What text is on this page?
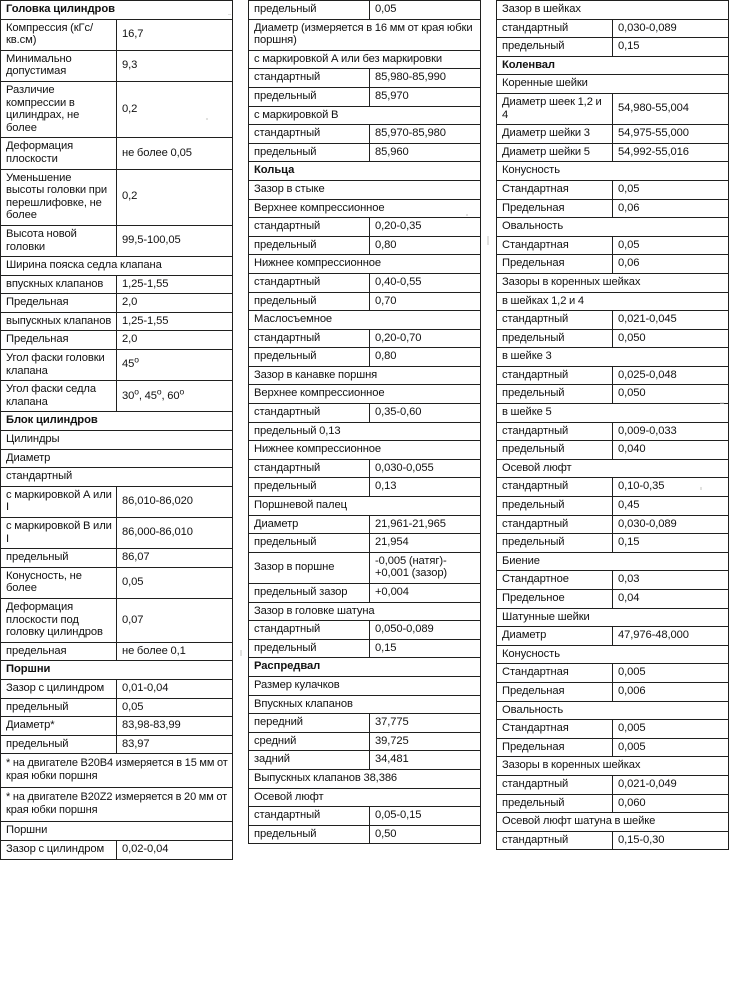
Головка цилиндров	
Компрессия (кГс/кв.см)	16,7
Минимально допустимая	9,3
Различие компрессии в цилиндрах, не более	0,2
Деформация плоскости	не более 0,05
Уменьшение высоты головки при перешлифовке, не более	0,2
Высота новой головки	99,5-100,05
Ширина пояска седла клапана	
впускных клапанов	1,25-1,55
Предельная	2,0
выпускных клапанов	1,25-1,55
Предельная	2,0
Угол фаски головки клапана	45$^o$
Угол фаски седла клапана	30$^o$, 45$^o$, 60$^o$
Блок цилиндров	
Цилиндры	
Диаметр	
стандартный	
с маркировкой А или I	86,010-86,020
с маркировкой В или I	86,000-86,010
предельный	86,07
Конусность, не более	0,05
Деформация плоскости под головку цилиндров	0,07
предельная	не более 0,1
Поршни	
Зазор с цилиндром	0,01-0,04
предельный	0,05
Диаметр*	83,98-83,99
предельный	83,97
* на двигателе B20B4 измеряется в 15 мм от края юбки поршня	
* на двигателе B20Z2 измеряется в 20 мм от края юбки поршня	
Поршни	
Зазор с цилиндром	0,02-0,04
предельный	0,05
Диаметр (измеряется в 16 мм от края юбки поршня)	
с маркировкой А или без маркировки	
стандартный	85,980-85,990
предельный	85,970
с маркировкой В	
стандартный	85,970-85,980
предельный	85,960
Кольца	
Зазор в стыке	
Верхнее компрессионное	
стандартный	0,20-0,35
предельный	0,80
Нижнее компрессионное	
стандартный	0,40-0,55
предельный	0,70
Маслосъемное	
стандартный	0,20-0,70
предельный	0,80
Зазор в канавке поршня	
Верхнее компрессионное	
стандартный	0,35-0,60
предельный 0,13	
Нижнее компрессионное	
стандартный	0,030-0,055
предельный	0,13
Поршневой палец	
Диаметр	21,961-21,965
предельный	21,954
Зазор в поршне	-0,005 (натяг)-+0,001 (зазор)
предельный зазор	+0,004
Зазор в головке шатуна	
стандартный	0,050-0,089
предельный	0,15
Распредвал	
Размер кулачков	
Впускных клапанов	
передний	37,775
средний	39,725
задний	34,481
Выпускных клапанов 38,386	
Осевой люфт	
стандартный	0,05-0,15
предельный	0,50
Зазор в шейках	
стандартный	0,030-0,089
предельный	0,15
Коленвал	
Коренные шейки	
Диаметр шеек 1,2 и 4	54,980-55,004
Диаметр шейки 3	54,975-55,000
Диаметр шейки 5	54,992-55,016
Конусность	
Стандартная	0,05
Предельная	0,06
Овальность	
Стандартная	0,05
Предельная	0,06
Зазоры в коренных шейках	
в шейках 1,2 и 4	
стандартный	0,021-0,045
предельный	0,050
в шейке 3	
стандартный	0,025-0,048
предельный	0,050
в шейке 5	
стандартный	0,009-0,033
предельный	0,040
Осевой люфт	
стандартный	0,10-0,35
предельный	0,45
стандартный	0,030-0,089
предельный	0,15
Биение	
Стандартное	0,03
Предельное	0,04
Шатунные шейки	
Диаметр	47,976-48,000
Конусность	
Стандартная	0,005
Предельная	0,006
Овальность	
Стандартная	0,005
Предельная	0,005
Зазоры в коренных шейках	
стандартный	0,021-0,049
предельный	0,060
Осевой люфт шатуна в шейке	
стандартный	0,15-0,30
